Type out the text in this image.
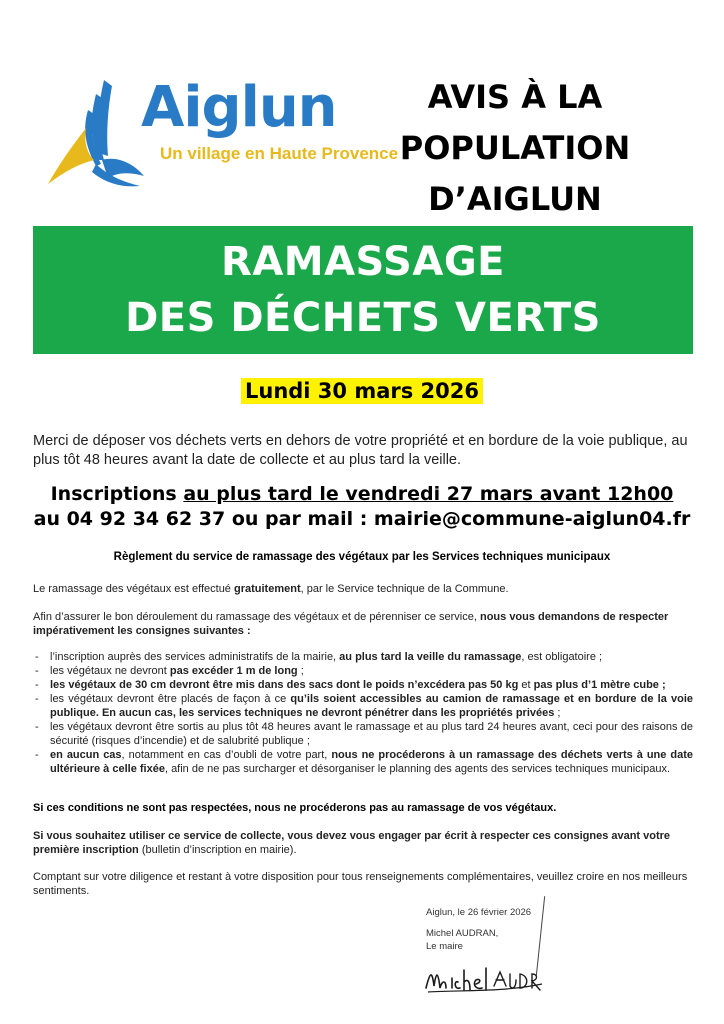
Aiglun
Un village en Haute Provence
AVIS À LA
POPULATION
D’AIGLUN
RAMASSAGE
DES DÉCHETS VERTS
Lundi 30 mars 2026
Merci de déposer vos déchets verts en dehors de votre propriété et en bordure de la voie publique, au plus tôt 48 heures avant la date de collecte et au plus tard la veille.
Inscriptions au plus tard le vendredi 27 mars avant 12h00
au 04 92 34 62 37 ou par mail : mairie@commune-aiglun04.fr
Règlement du service de ramassage des végétaux par les Services techniques municipaux
Le ramassage des végétaux est effectué gratuitement, par le Service technique de la Commune.
Afin d’assurer le bon déroulement du ramassage des végétaux et de pérenniser ce service, nous vous demandons de respecter impérativement les consignes suivantes :
- l’inscription auprès des services administratifs de la mairie, au plus tard la veille du ramassage, est obligatoire ;
- les végétaux ne devront pas excéder 1 m de long ;
- les végétaux de 30 cm devront être mis dans des sacs dont le poids n’excédera pas 50 kg et pas plus d’1 mètre cube ;
- les végétaux devront être placés de façon à ce qu’ils soient accessibles au camion de ramassage et en bordure de la voie publique. En aucun cas, les services techniques ne devront pénétrer dans les propriétés privées ;
- les végétaux devront être sortis au plus tôt 48 heures avant le ramassage et au plus tard 24 heures avant, ceci pour des raisons de sécurité (risques d’incendie) et de salubrité publique ;
- en aucun cas, notamment en cas d’oubli de votre part, nous ne procéderons à un ramassage des déchets verts à une date ultérieure à celle fixée, afin de ne pas surcharger et désorganiser le planning des agents des services techniques municipaux.
Si ces conditions ne sont pas respectées, nous ne procéderons pas au ramassage de vos végétaux.
Si vous souhaitez utiliser ce service de collecte, vous devez vous engager par écrit à respecter ces consignes avant votre première inscription (bulletin d’inscription en mairie).
Comptant sur votre diligence et restant à votre disposition pour tous renseignements complémentaires, veuillez croire en nos meilleurs sentiments.
Aiglun, le 26 février 2026
Michel AUDRAN,
Le maire
